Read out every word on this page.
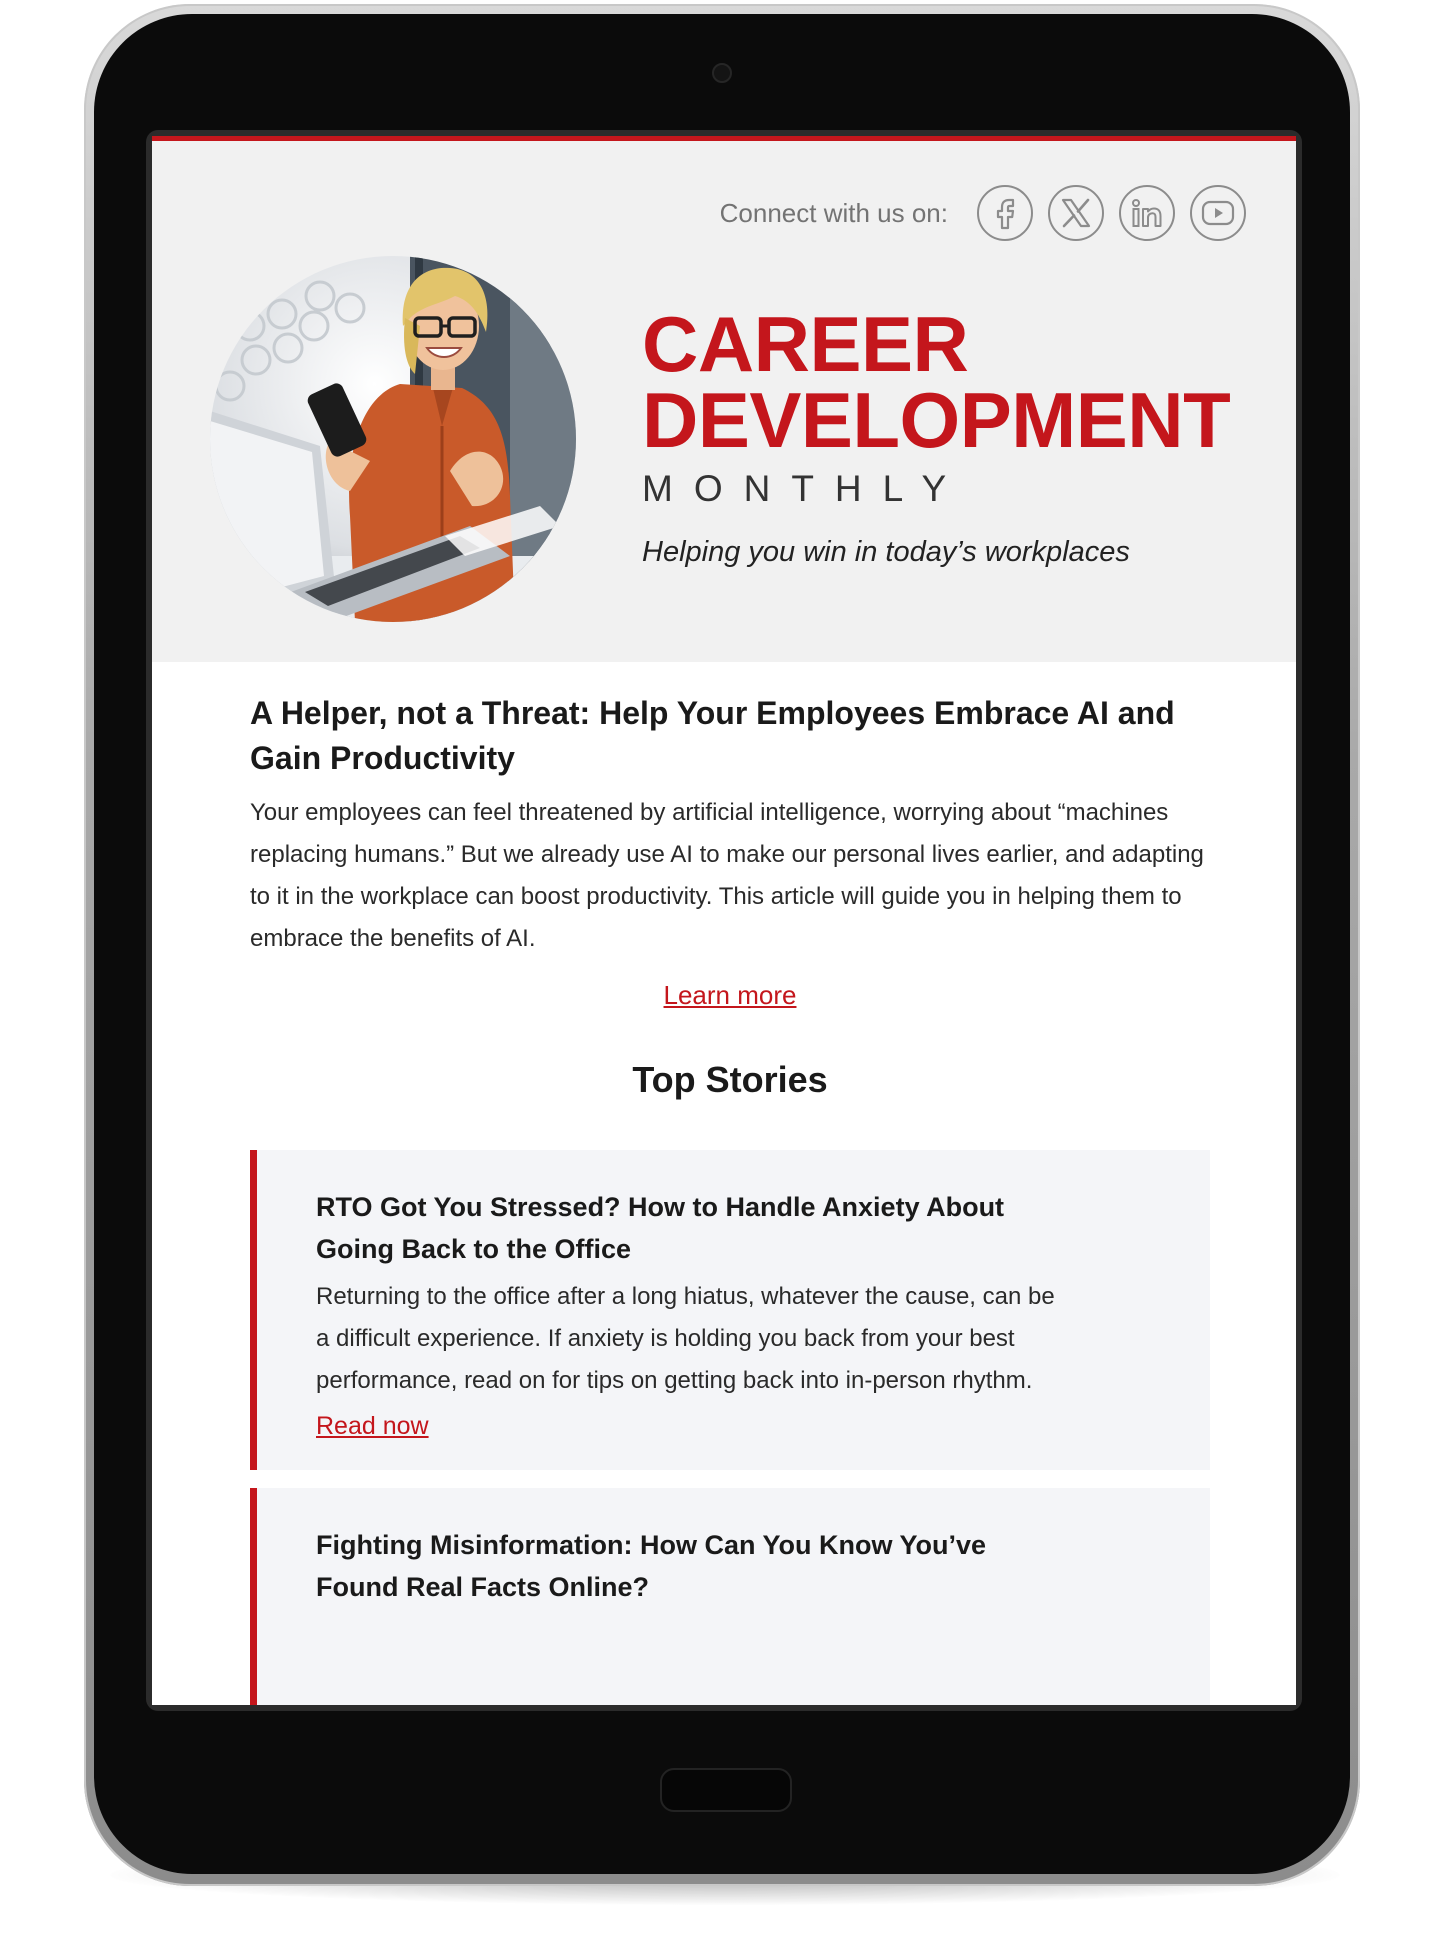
Connect with us on:
CAREER
DEVELOPMENT
MONTHLY
Helping you win in today’s workplaces
A Helper, not a Threat: Help Your Employees Embrace AI and Gain Productivity
Your employees can feel threatened by artificial intelligence, worrying about “machines replacing humans.” But we already use AI to make our personal lives earlier, and adapting to it in the workplace can boost productivity. This article will guide you in helping them to embrace the benefits of AI.
Learn more
Top Stories
RTO Got You Stressed? How to Handle Anxiety About Going Back to the Office
Returning to the office after a long hiatus, whatever the cause, can be a difficult experience. If anxiety is holding you back from your best performance, read on for tips on getting back into in-person rhythm.
Read now
Fighting Misinformation: How Can You Know You’ve Found Real Facts Online?
